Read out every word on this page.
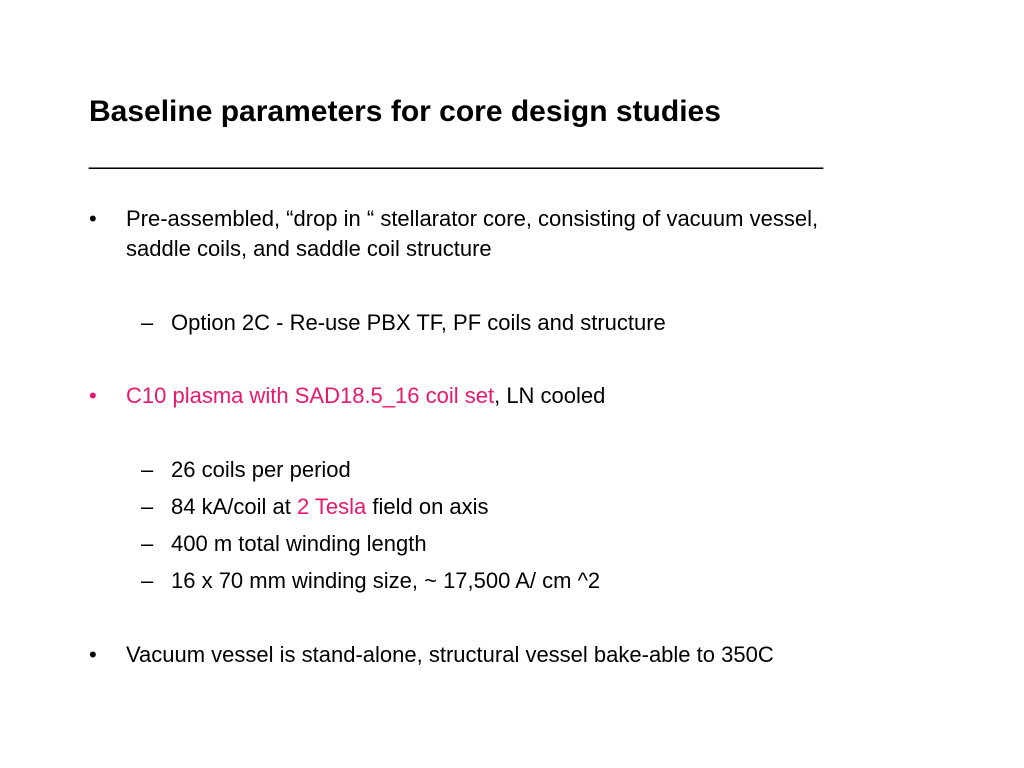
Baseline parameters for core design studies
_______________________________________________________
• Pre-assembled, “drop in “ stellarator core, consisting of vacuum vessel,
saddle coils, and saddle coil structure
– Option 2C - Re-use PBX TF, PF coils and structure
• C10 plasma with SAD18.5_16 coil set, LN cooled
– 26 coils per period
– 84 kA/coil at 2 Tesla field on axis
– 400 m total winding length
– 16 x 70 mm winding size, ~ 17,500 A/ cm ^2
• Vacuum vessel is stand-alone, structural vessel bake-able to 350C
